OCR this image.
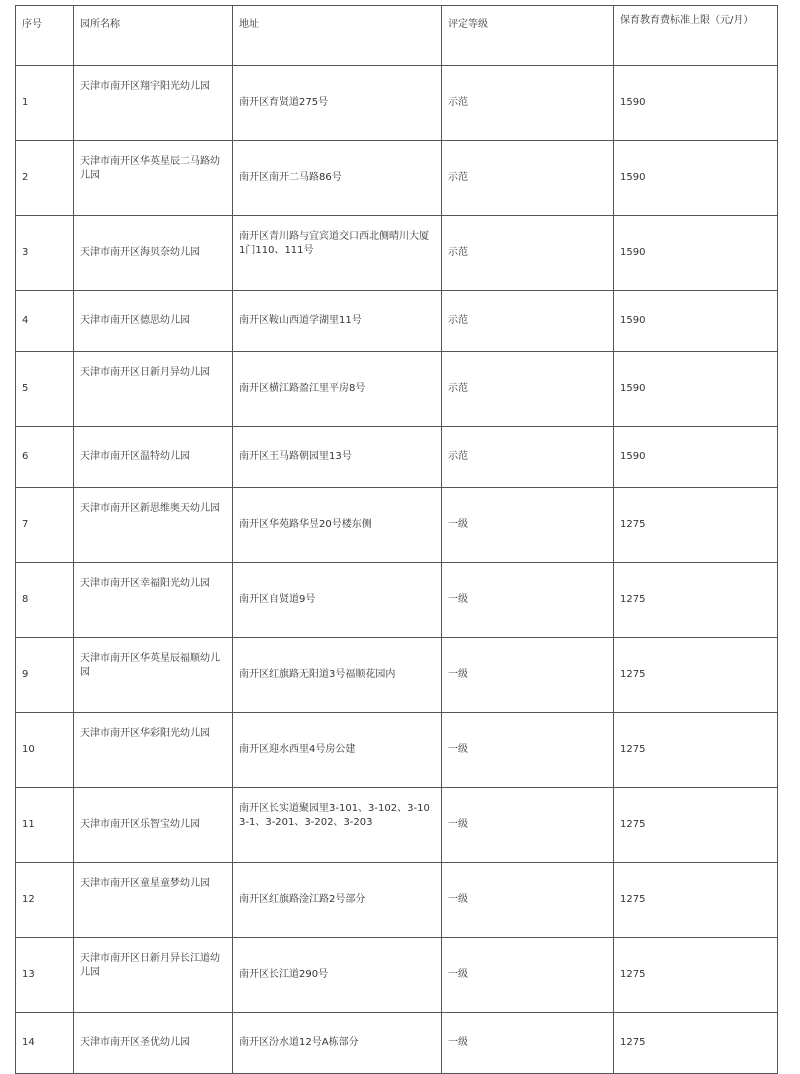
序号	园所名称	地址	评定等级	保育教育费标准上限（元/月）
1	天津市南开区翔宇阳光幼儿园	南开区育贤道275号	示范	1590
2	天津市南开区华英星辰二马路幼儿园	南开区南开二马路86号	示范	1590
3	天津市南开区海贝奈幼儿园	南开区青川路与宜宾道交口西北侧晴川大厦1门110、111号	示范	1590
4	天津市南开区德思幼儿园	南开区鞍山西道学湖里11号	示范	1590
5	天津市南开区日新月异幼儿园	南开区横江路盈江里平房8号	示范	1590
6	天津市南开区温特幼儿园	南开区王马路朝园里13号	示范	1590
7	天津市南开区新思维奥天幼儿园	南开区华苑路华昱20号楼东侧	一级	1275
8	天津市南开区幸福阳光幼儿园	南开区自贤道9号	一级	1275
9	天津市南开区华英星辰福顺幼儿园	南开区红旗路无阳道3号福顺花园内	一级	1275
10	天津市南开区华彩阳光幼儿园	南开区迎水西里4号房公建	一级	1275
11	天津市南开区乐智宝幼儿园	南开区长实道聚园里3-101、3-102、3-103-1、3-201、3-202、3-203	一级	1275
12	天津市南开区童星童梦幼儿园	南开区红旗路淦江路2号部分	一级	1275
13	天津市南开区日新月异长江道幼儿园	南开区长江道290号	一级	1275
14	天津市南开区圣优幼儿园	南开区汾水道12号A栋部分	一级	1275
